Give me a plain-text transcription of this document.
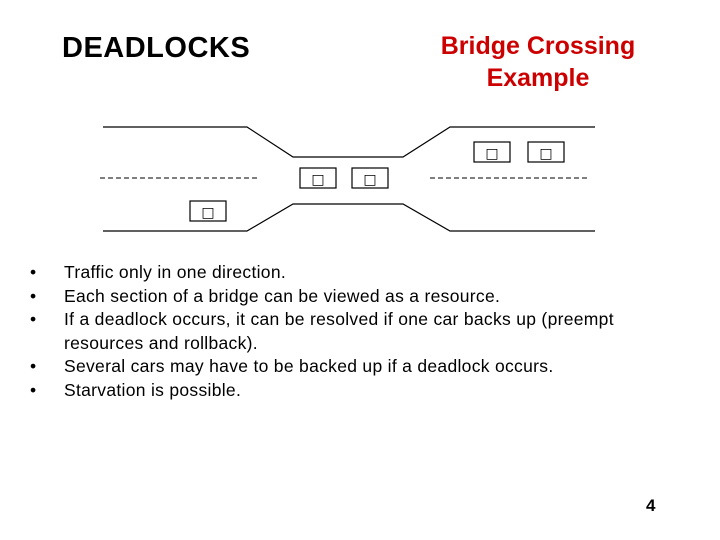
DEADLOCKS	Bridge Crossing
Example
□	□
□	□
□
• Traffic only in one direction.
• Each section of a bridge can be viewed as a resource.
• If a deadlock occurs, it can be resolved if one car backs up (preempt resources and rollback).
• Several cars may have to be backed up if a deadlock occurs.
• Starvation is possible.
4
